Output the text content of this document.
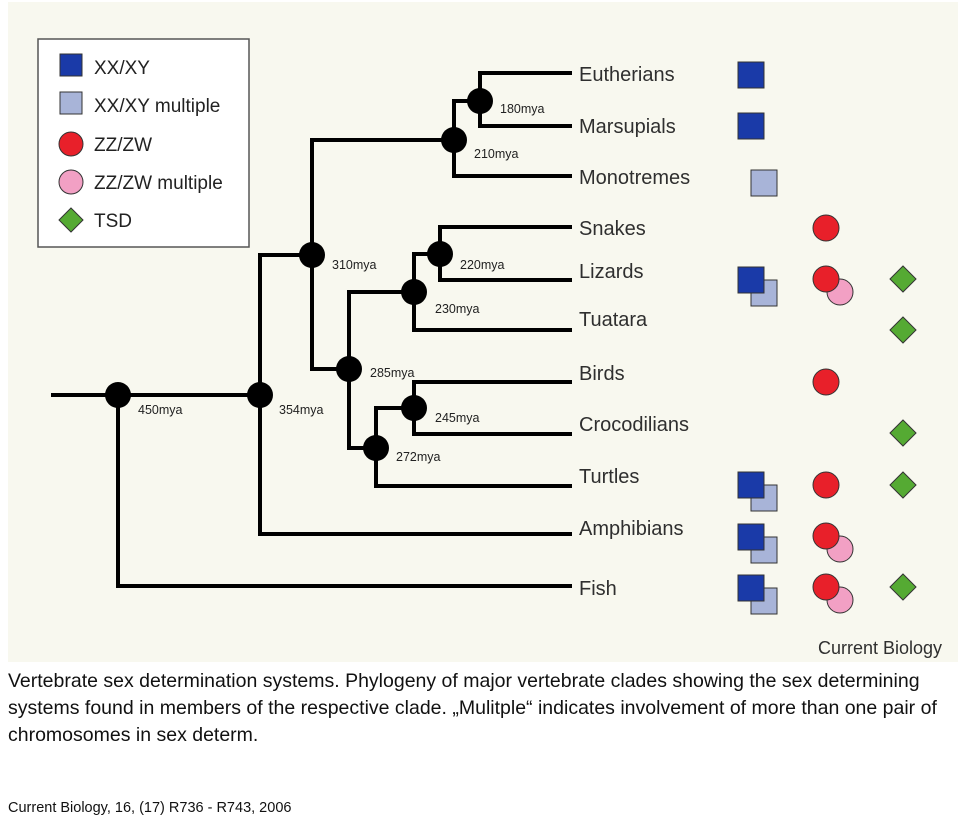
XX/XY
XX/XY multiple
ZZ/ZW
ZZ/ZW multiple
TSD
450mya	354mya
310mya
285mya
272mya
245mya
230mya
220mya
210mya
180mya
Eutherians
Marsupials
Monotremes
Snakes
Lizards
Tuatara
Birds
Crocodilians
Turtles
Amphibians
Fish
Current Biology
Vertebrate sex determination systems. Phylogeny of major vertebrate clades showing the sex determining systems found in members of the respective clade. „Mulitple“ indicates involvement of more than one pair of chromosomes in sex determ.
Current Biology, 16, (17) R736 - R743, 2006
